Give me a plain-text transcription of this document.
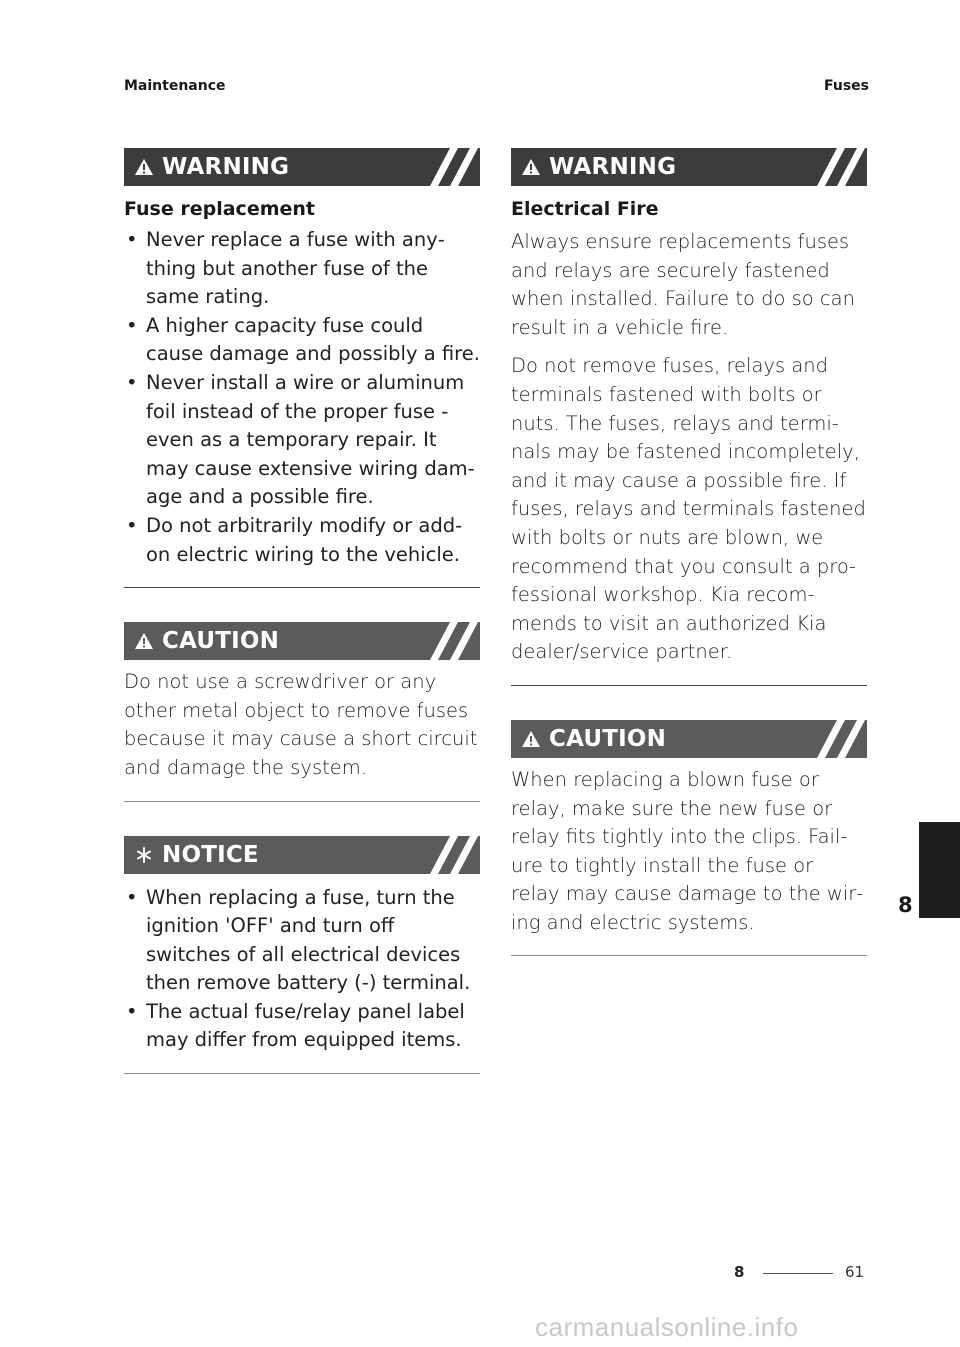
Maintenance	Fuses
WARNING
Fuse replacement
• Never replace a fuse with anything but another fuse of the same rating.
• A higher capacity fuse could cause damage and possibly a fire.
• Never install a wire or aluminum foil instead of the proper fuse - even as a temporary repair. It may cause extensive wiring damage and a possible fire.
• Do not arbitrarily modify or add-on electric wiring to the vehicle.
CAUTION

Do not use a screwdriver or any other metal object to remove fuses because it may cause a short circuit and damage the system.

NOTICE
• When replacing a fuse, turn the ignition 'OFF' and turn off switches of all electrical devices then remove battery (-) terminal.
• The actual fuse/relay panel label may differ from equipped items.
WARNING
Electrical Fire

Always ensure replacements fuses and relays are securely fastened when installed. Failure to do so can result in a vehicle fire.

Do not remove fuses, relays and terminals fastened with bolts or nuts. The fuses, relays and terminals may be fastened incompletely, and it may cause a possible fire. If fuses, relays and terminals fastened with bolts or nuts are blown, we recommend that you consult a professional workshop. Kia recommends to visit an authorized Kia dealer/service partner.

CAUTION

When replacing a blown fuse or relay, make sure the new fuse or relay fits tightly into the clips. Failure to tightly install the fuse or relay may cause damage to the wiring and electric systems.

8
8	61
carmanualsonline.info
